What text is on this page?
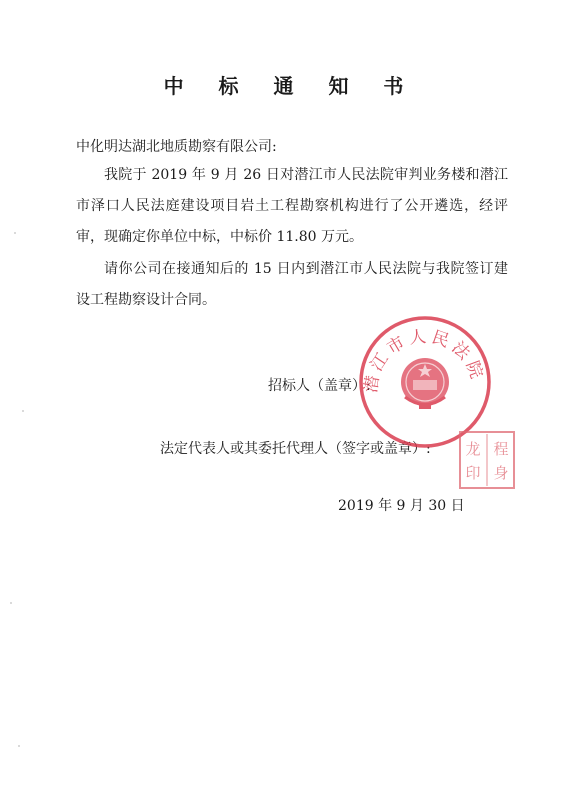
中 标 通 知 书
中化明达湖北地质勘察有限公司:
我院于 2019 年 9 月 26 日对潜江市人民法院审判业务楼和潜江市泽口人民法庭建设项目岩土工程勘察机构进行了公开遴选，经评审，现确定你单位中标，中标价 11.80 万元。
请你公司在接通知后的 15 日内到潜江市人民法院与我院签订建设工程勘察设计合同。
招标人（盖章）:
法定代表人或其委托代理人（签字或盖章）:
2019 年 9 月 30 日
潜江市人民法院
龙 程
印 身
